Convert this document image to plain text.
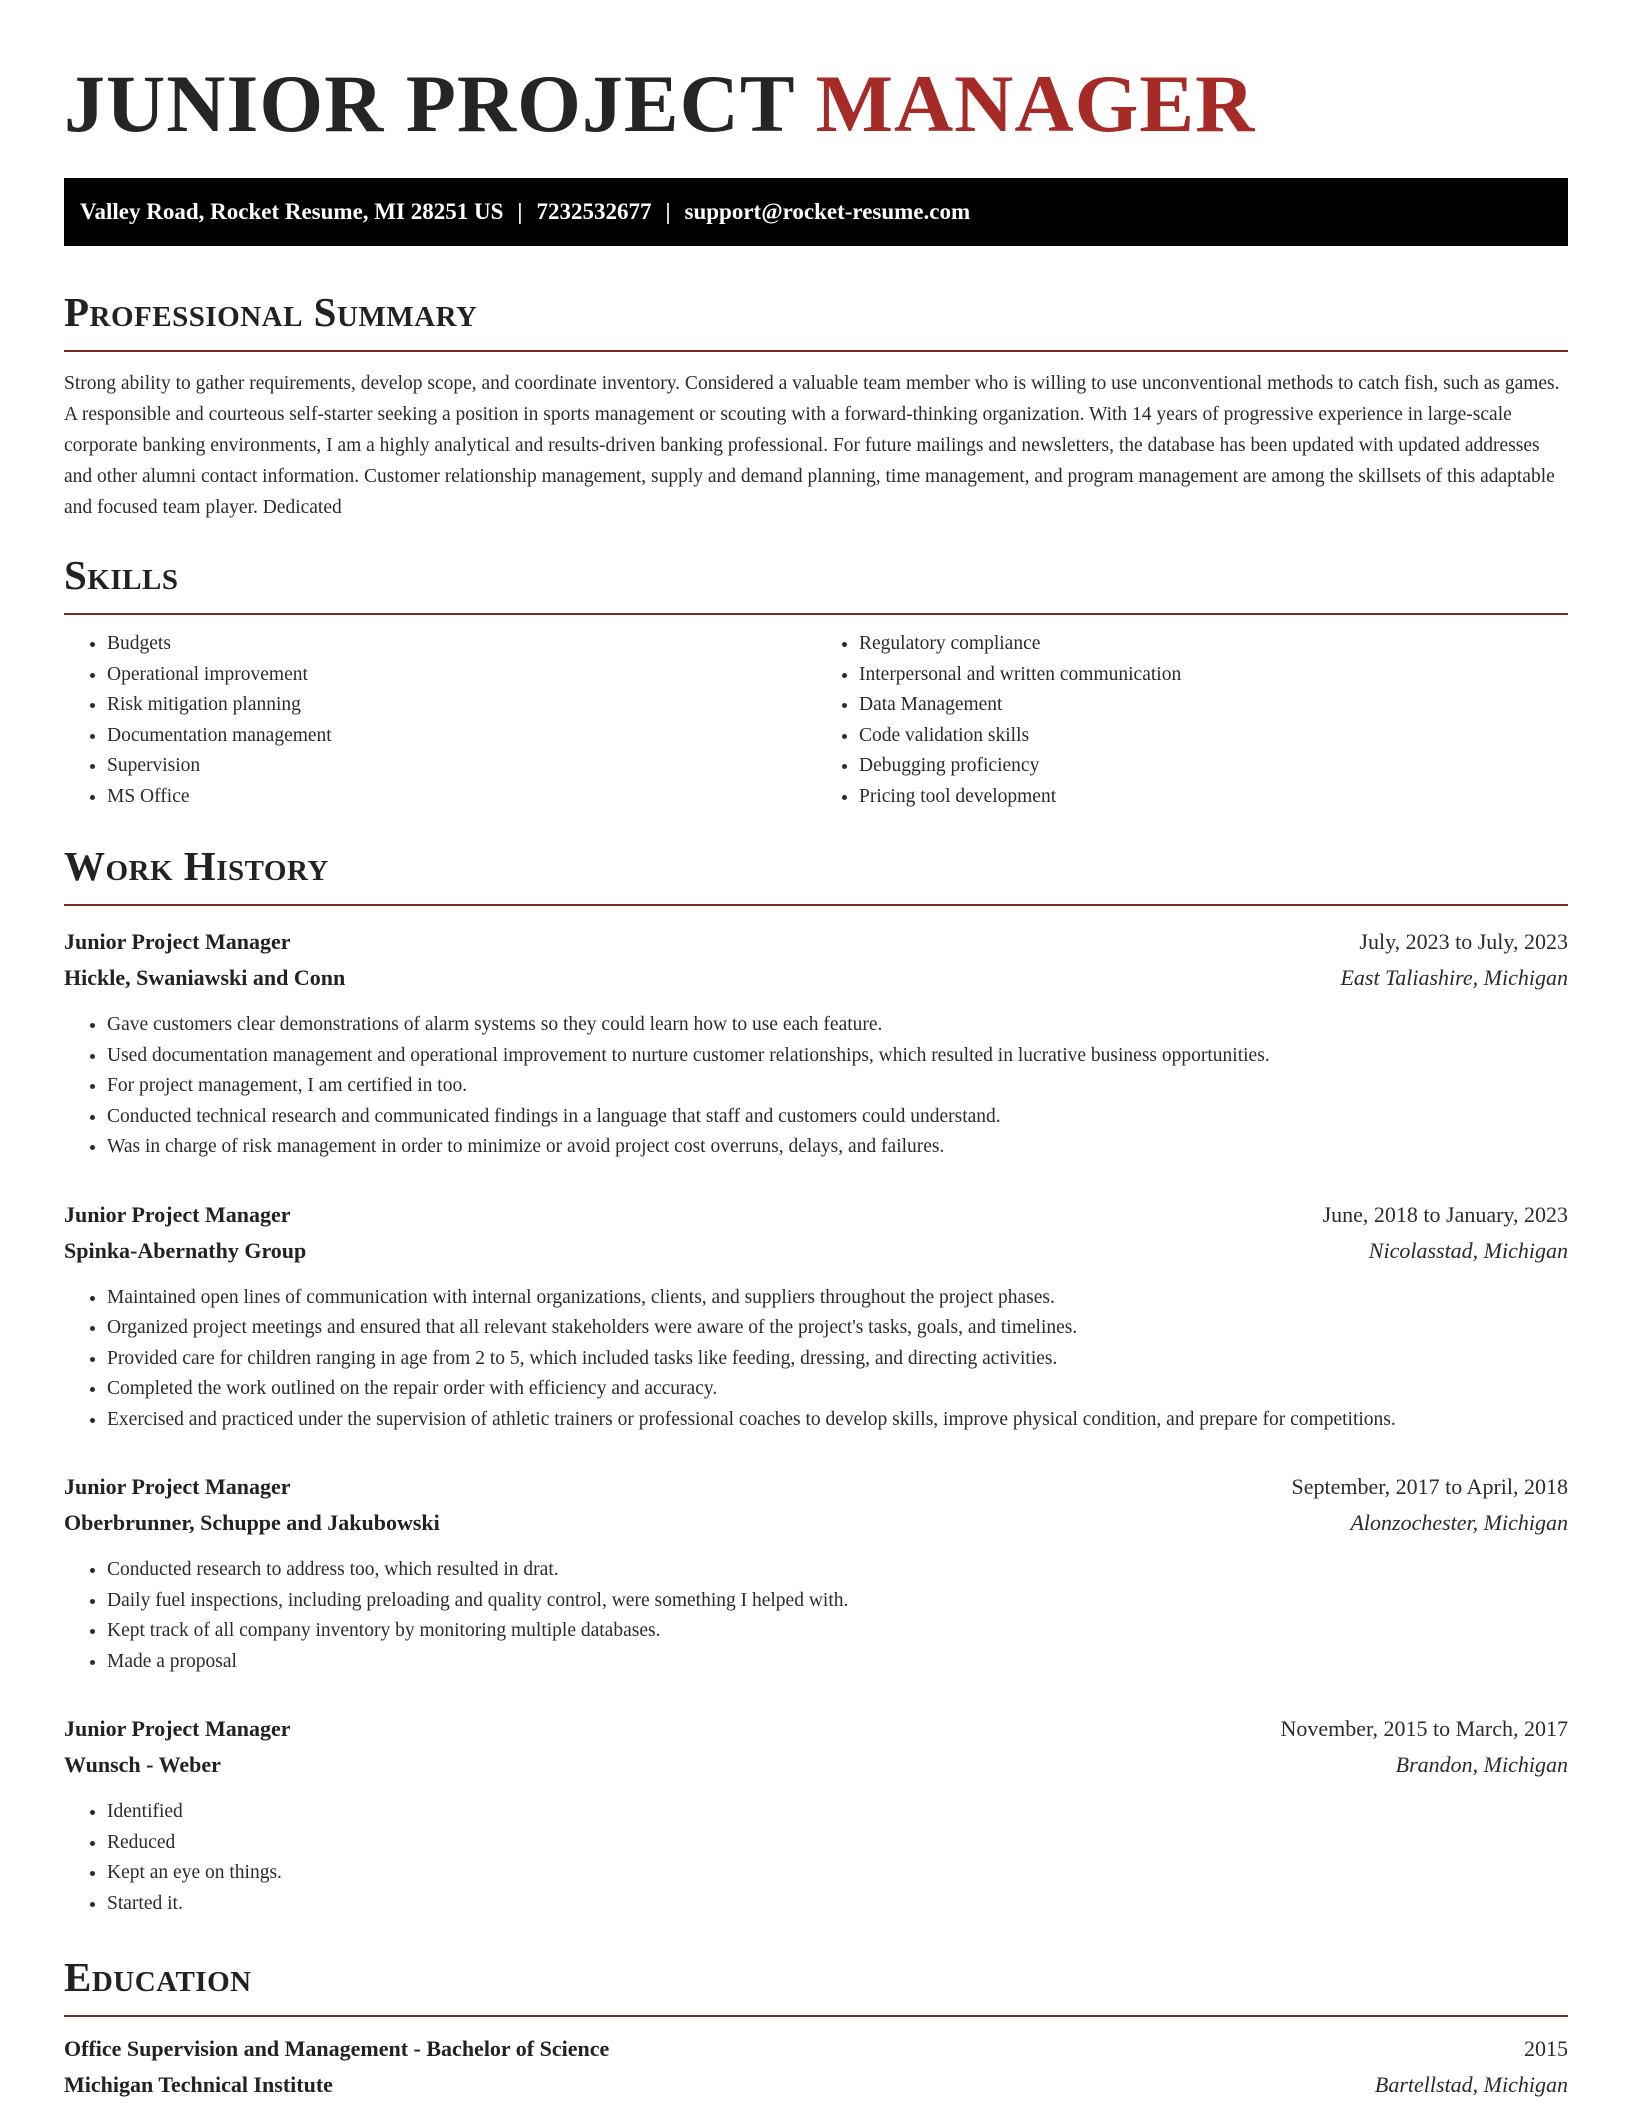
JUNIOR PROJECT MANAGER
Valley Road, Rocket Resume, MI 28251 US | 7232532677 | support@rocket-resume.com
Professional Summary

Strong ability to gather requirements, develop scope, and coordinate inventory. Considered a valuable team member who is willing to use unconventional methods to catch fish, such as games. A responsible and courteous self-starter seeking a position in sports management or scouting with a forward-thinking organization. With 14 years of progressive experience in large-scale corporate banking environments, I am a highly analytical and results-driven banking professional. For future mailings and newsletters, the database has been updated with updated addresses and other alumni contact information. Customer relationship management, supply and demand planning, time management, and program management are among the skillsets of this adaptable and focused team player. Dedicated

Skills
• Budgets
• Operational improvement
• Risk mitigation planning
• Documentation management
• Supervision
• MS Office
• Regulatory compliance
• Interpersonal and written communication
• Data Management
• Code validation skills
• Debugging proficiency
• Pricing tool development
Work History
Junior Project Manager	July, 2023 to July, 2023
Hickle, Swaniawski and Conn	East Taliashire, Michigan
• Gave customers clear demonstrations of alarm systems so they could learn how to use each feature.
• Used documentation management and operational improvement to nurture customer relationships, which resulted in lucrative business opportunities.
• For project management, I am certified in too.
• Conducted technical research and communicated findings in a language that staff and customers could understand.
• Was in charge of risk management in order to minimize or avoid project cost overruns, delays, and failures.
Junior Project Manager	June, 2018 to January, 2023
Spinka-Abernathy Group	Nicolasstad, Michigan
• Maintained open lines of communication with internal organizations, clients, and suppliers throughout the project phases.
• Organized project meetings and ensured that all relevant stakeholders were aware of the project's tasks, goals, and timelines.
• Provided care for children ranging in age from 2 to 5, which included tasks like feeding, dressing, and directing activities.
• Completed the work outlined on the repair order with efficiency and accuracy.
• Exercised and practiced under the supervision of athletic trainers or professional coaches to develop skills, improve physical condition, and prepare for competitions.
Junior Project Manager	September, 2017 to April, 2018
Oberbrunner, Schuppe and Jakubowski	Alonzochester, Michigan
• Conducted research to address too, which resulted in drat.
• Daily fuel inspections, including preloading and quality control, were something I helped with.
• Kept track of all company inventory by monitoring multiple databases.
• Made a proposal
Junior Project Manager	November, 2015 to March, 2017
Wunsch - Weber	Brandon, Michigan
• Identified
• Reduced
• Kept an eye on things.
• Started it.
Education
Office Supervision and Management - Bachelor of Science	2015
Michigan Technical Institute	Bartellstad, Michigan
